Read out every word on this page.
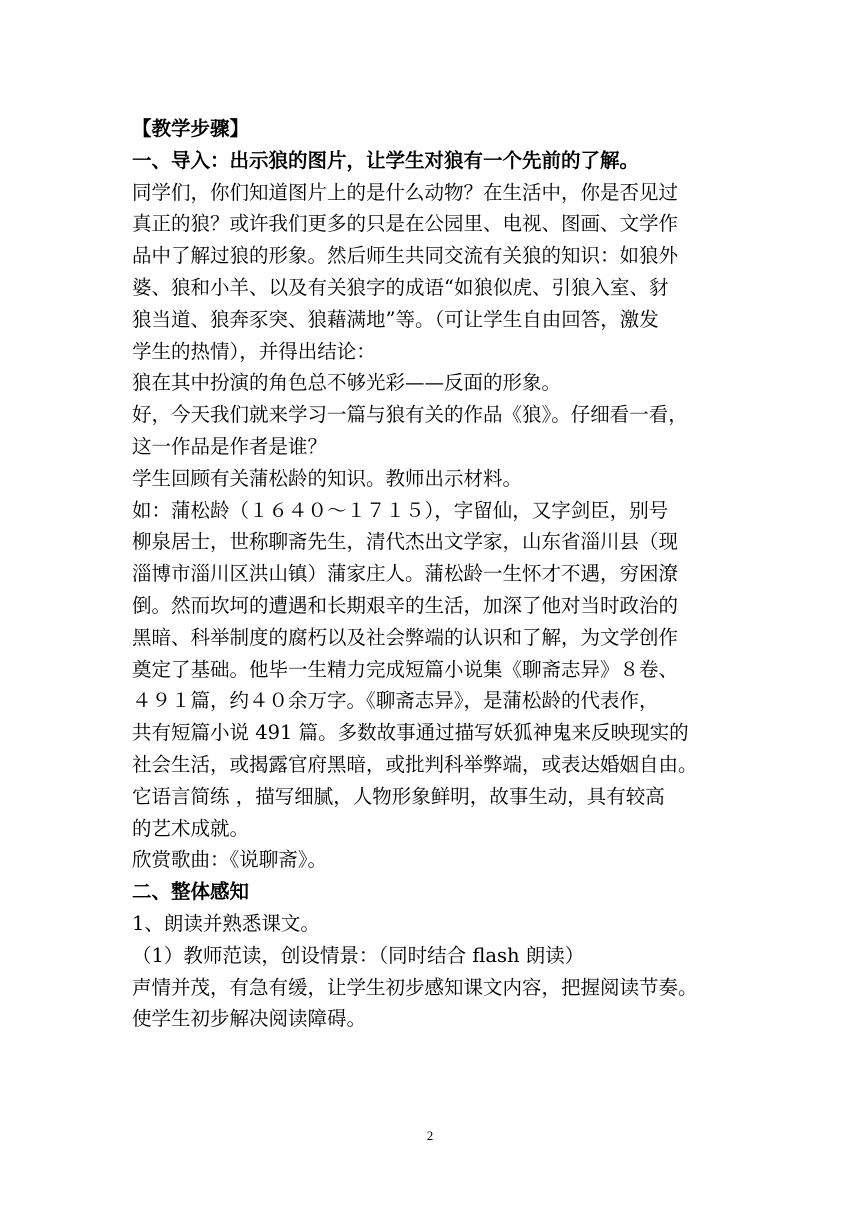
【教学步骤】
一、导入：出示狼的图片，让学生对狼有一个先前的了解。
同学们，你们知道图片上的是什么动物？在生活中，你是否见过
真正的狼？或许我们更多的只是在公园里、电视、图画、文学作
品中了解过狼的形象。然后师生共同交流有关狼的知识：如狼外
婆、狼和小羊、以及有关狼字的成语“如狼似虎、引狼入室、豺
狼当道、狼奔豕突、狼藉满地”等。（可让学生自由回答，激发
学生的热情），并得出结论：
狼在其中扮演的角色总不够光彩——反面的形象。
好，今天我们就来学习一篇与狼有关的作品《狼》。仔细看一看，
这一作品是作者是谁？
学生回顾有关蒲松龄的知识。教师出示材料。
如：蒲松龄（１６４０～１７１５），字留仙，又字剑臣，别号
柳泉居士，世称聊斋先生，清代杰出文学家，山东省淄川县（现
淄博市淄川区洪山镇）蒲家庄人。蒲松龄一生怀才不遇，穷困潦
倒。然而坎坷的遭遇和长期艰辛的生活，加深了他对当时政治的
黑暗、科举制度的腐朽以及社会弊端的认识和了解，为文学创作
奠定了基础。他毕一生精力完成短篇小说集《聊斋志异》８卷、
４９１篇，约４０余万字。《聊斋志异》，是蒲松龄的代表作，
共有短篇小说 491 篇。多数故事通过描写妖狐神鬼来反映现实的
社会生活，或揭露官府黑暗，或批判科举弊端，或表达婚姻自由。
它语言简练 ，描写细腻，人物形象鲜明，故事生动，具有较高
的艺术成就。
欣赏歌曲：《说聊斋》。
二、整体感知
1、朗读并熟悉课文。
（1）教师范读，创设情景：（同时结合 flash 朗读）
声情并茂，有急有缓，让学生初步感知课文内容，把握阅读节奏。
使学生初步解决阅读障碍。
2
